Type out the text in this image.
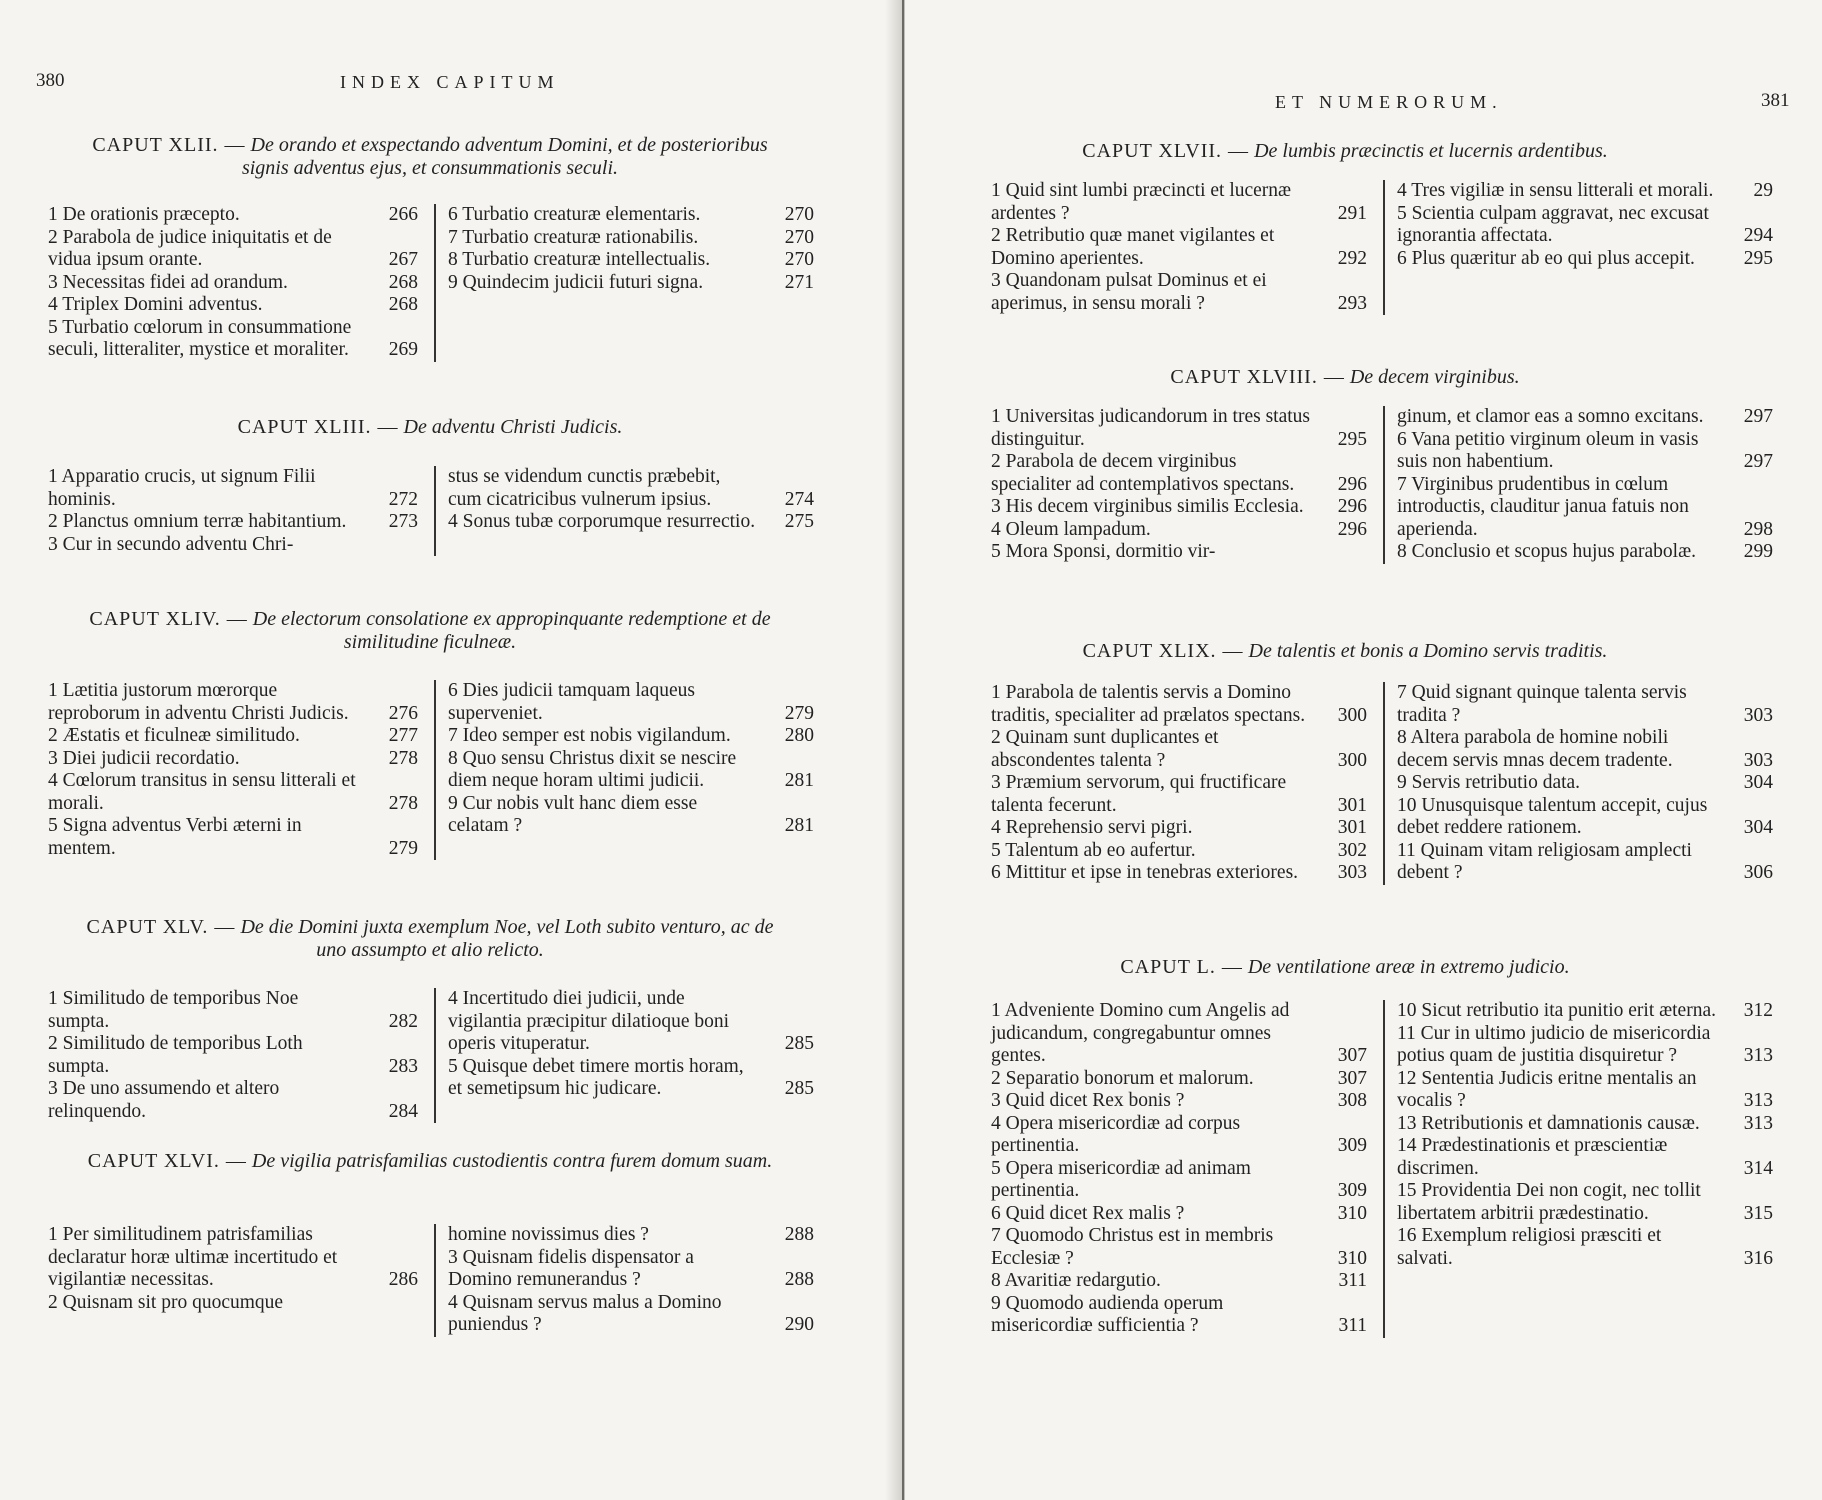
380	INDEX CAPITUM
CAPUT XLII. — De orando et exspectando adventum Domini, et de posterioribus signis adventus ejus, et consummationis seculi.
1 De orationis præcepto.	266
2 Parabola de judice iniquitatis et de vidua ipsum orante.	267
3 Necessitas fidei ad orandum.	268
4 Triplex Domini adventus.	268
5 Turbatio cœlorum in consummatione seculi, litteraliter, mystice et moraliter.	269
6 Turbatio creaturæ elementaris.	270
7 Turbatio creaturæ rationabilis.	270
8 Turbatio creaturæ intellectualis.	270
9 Quindecim judicii futuri signa.	271
CAPUT XLIII. — De adventu Christi Judicis.
1 Apparatio crucis, ut signum Filii hominis.	272
2 Planctus omnium terræ habitantium.	273
3 Cur in secundo adventu Chri-
stus se videndum cunctis præbebit, cum cicatricibus vulnerum ipsius.	274
4 Sonus tubæ corporumque resurrectio.	275
CAPUT XLIV. — De electorum consolatione ex appropinquante redemptione et de similitudine ficulneæ.
1 Lætitia justorum mœrorque reproborum in adventu Christi Judicis.	276
2 Æstatis et ficulneæ similitudo.	277
3 Diei judicii recordatio.	278
4 Cœlorum transitus in sensu litterali et morali.	278
5 Signa adventus Verbi æterni in mentem.	279
6 Dies judicii tamquam laqueus superveniet.	279
7 Ideo semper est nobis vigilandum.	280
8 Quo sensu Christus dixit se nescire diem neque horam ultimi judicii.	281
9 Cur nobis vult hanc diem esse celatam ?	281
CAPUT XLV. — De die Domini juxta exemplum Noe, vel Loth subito venturo, ac de uno assumpto et alio relicto.
1 Similitudo de temporibus Noe sumpta.	282
2 Similitudo de temporibus Loth sumpta.	283
3 De uno assumendo et altero relinquendo.	284
4 Incertitudo diei judicii, unde vigilantia præcipitur dilatioque boni operis vituperatur.	285
5 Quisque debet timere mortis horam, et semetipsum hic judicare.	285
CAPUT XLVI. — De vigilia patrisfamilias custodientis contra furem domum suam.
1 Per similitudinem patrisfamilias declaratur horæ ultimæ incertitudo et vigilantiæ necessitas.	286
2 Quisnam sit pro quocumque
homine novissimus dies ?	288
3 Quisnam fidelis dispensator a Domino remunerandus ?	288
4 Quisnam servus malus a Domino puniendus ?	290
ET NUMERORUM.	381
CAPUT XLVII. — De lumbis præcinctis et lucernis ardentibus.
1 Quid sint lumbi præcincti et lucernæ ardentes ?	291
2 Retributio quæ manet vigilantes et Domino aperientes.	292
3 Quandonam pulsat Dominus et ei aperimus, in sensu morali ?	293
4 Tres vigiliæ in sensu litterali et morali.	29
5 Scientia culpam aggravat, nec excusat ignorantia affectata.	294
6 Plus quæritur ab eo qui plus accepit.	295
CAPUT XLVIII. — De decem virginibus.
1 Universitas judicandorum in tres status distinguitur.	295
2 Parabola de decem virginibus specialiter ad contemplativos spectans.	296
3 His decem virginibus similis Ecclesia.	296
4 Oleum lampadum.	296
5 Mora Sponsi, dormitio vir-
ginum, et clamor eas a somno excitans.	297
6 Vana petitio virginum oleum in vasis suis non habentium.	297
7 Virginibus prudentibus in cœlum introductis, clauditur janua fatuis non aperienda.	298
8 Conclusio et scopus hujus parabolæ.	299
CAPUT XLIX. — De talentis et bonis a Domino servis traditis.
1 Parabola de talentis servis a Domino traditis, specialiter ad prælatos spectans.	300
2 Quinam sunt duplicantes et abscondentes talenta ?	300
3 Præmium servorum, qui fructificare talenta fecerunt.	301
4 Reprehensio servi pigri.	301
5 Talentum ab eo aufertur.	302
6 Mittitur et ipse in tenebras exteriores.	303
7 Quid signant quinque talenta servis tradita ?	303
8 Altera parabola de homine nobili decem servis mnas decem tradente.	303
9 Servis retributio data.	304
10 Unusquisque talentum accepit, cujus debet reddere rationem.	304
11 Quinam vitam religiosam amplecti debent ?	306
CAPUT L. — De ventilatione areæ in extremo judicio.
1 Adveniente Domino cum Angelis ad judicandum, congregabuntur omnes gentes.	307
2 Separatio bonorum et malorum.	307
3 Quid dicet Rex bonis ?	308
4 Opera misericordiæ ad corpus pertinentia.	309
5 Opera misericordiæ ad animam pertinentia.	309
6 Quid dicet Rex malis ?	310
7 Quomodo Christus est in membris Ecclesiæ ?	310
8 Avaritiæ redargutio.	311
9 Quomodo audienda operum misericordiæ sufficientia ?	311
10 Sicut retributio ita punitio erit æterna.	312
11 Cur in ultimo judicio de misericordia potius quam de justitia disquiretur ?	313
12 Sententia Judicis eritne mentalis an vocalis ?	313
13 Retributionis et damnationis causæ.	313
14 Prædestinationis et præscientiæ discrimen.	314
15 Providentia Dei non cogit, nec tollit libertatem arbitrii prædestinatio.	315
16 Exemplum religiosi præsciti et salvati.	316
